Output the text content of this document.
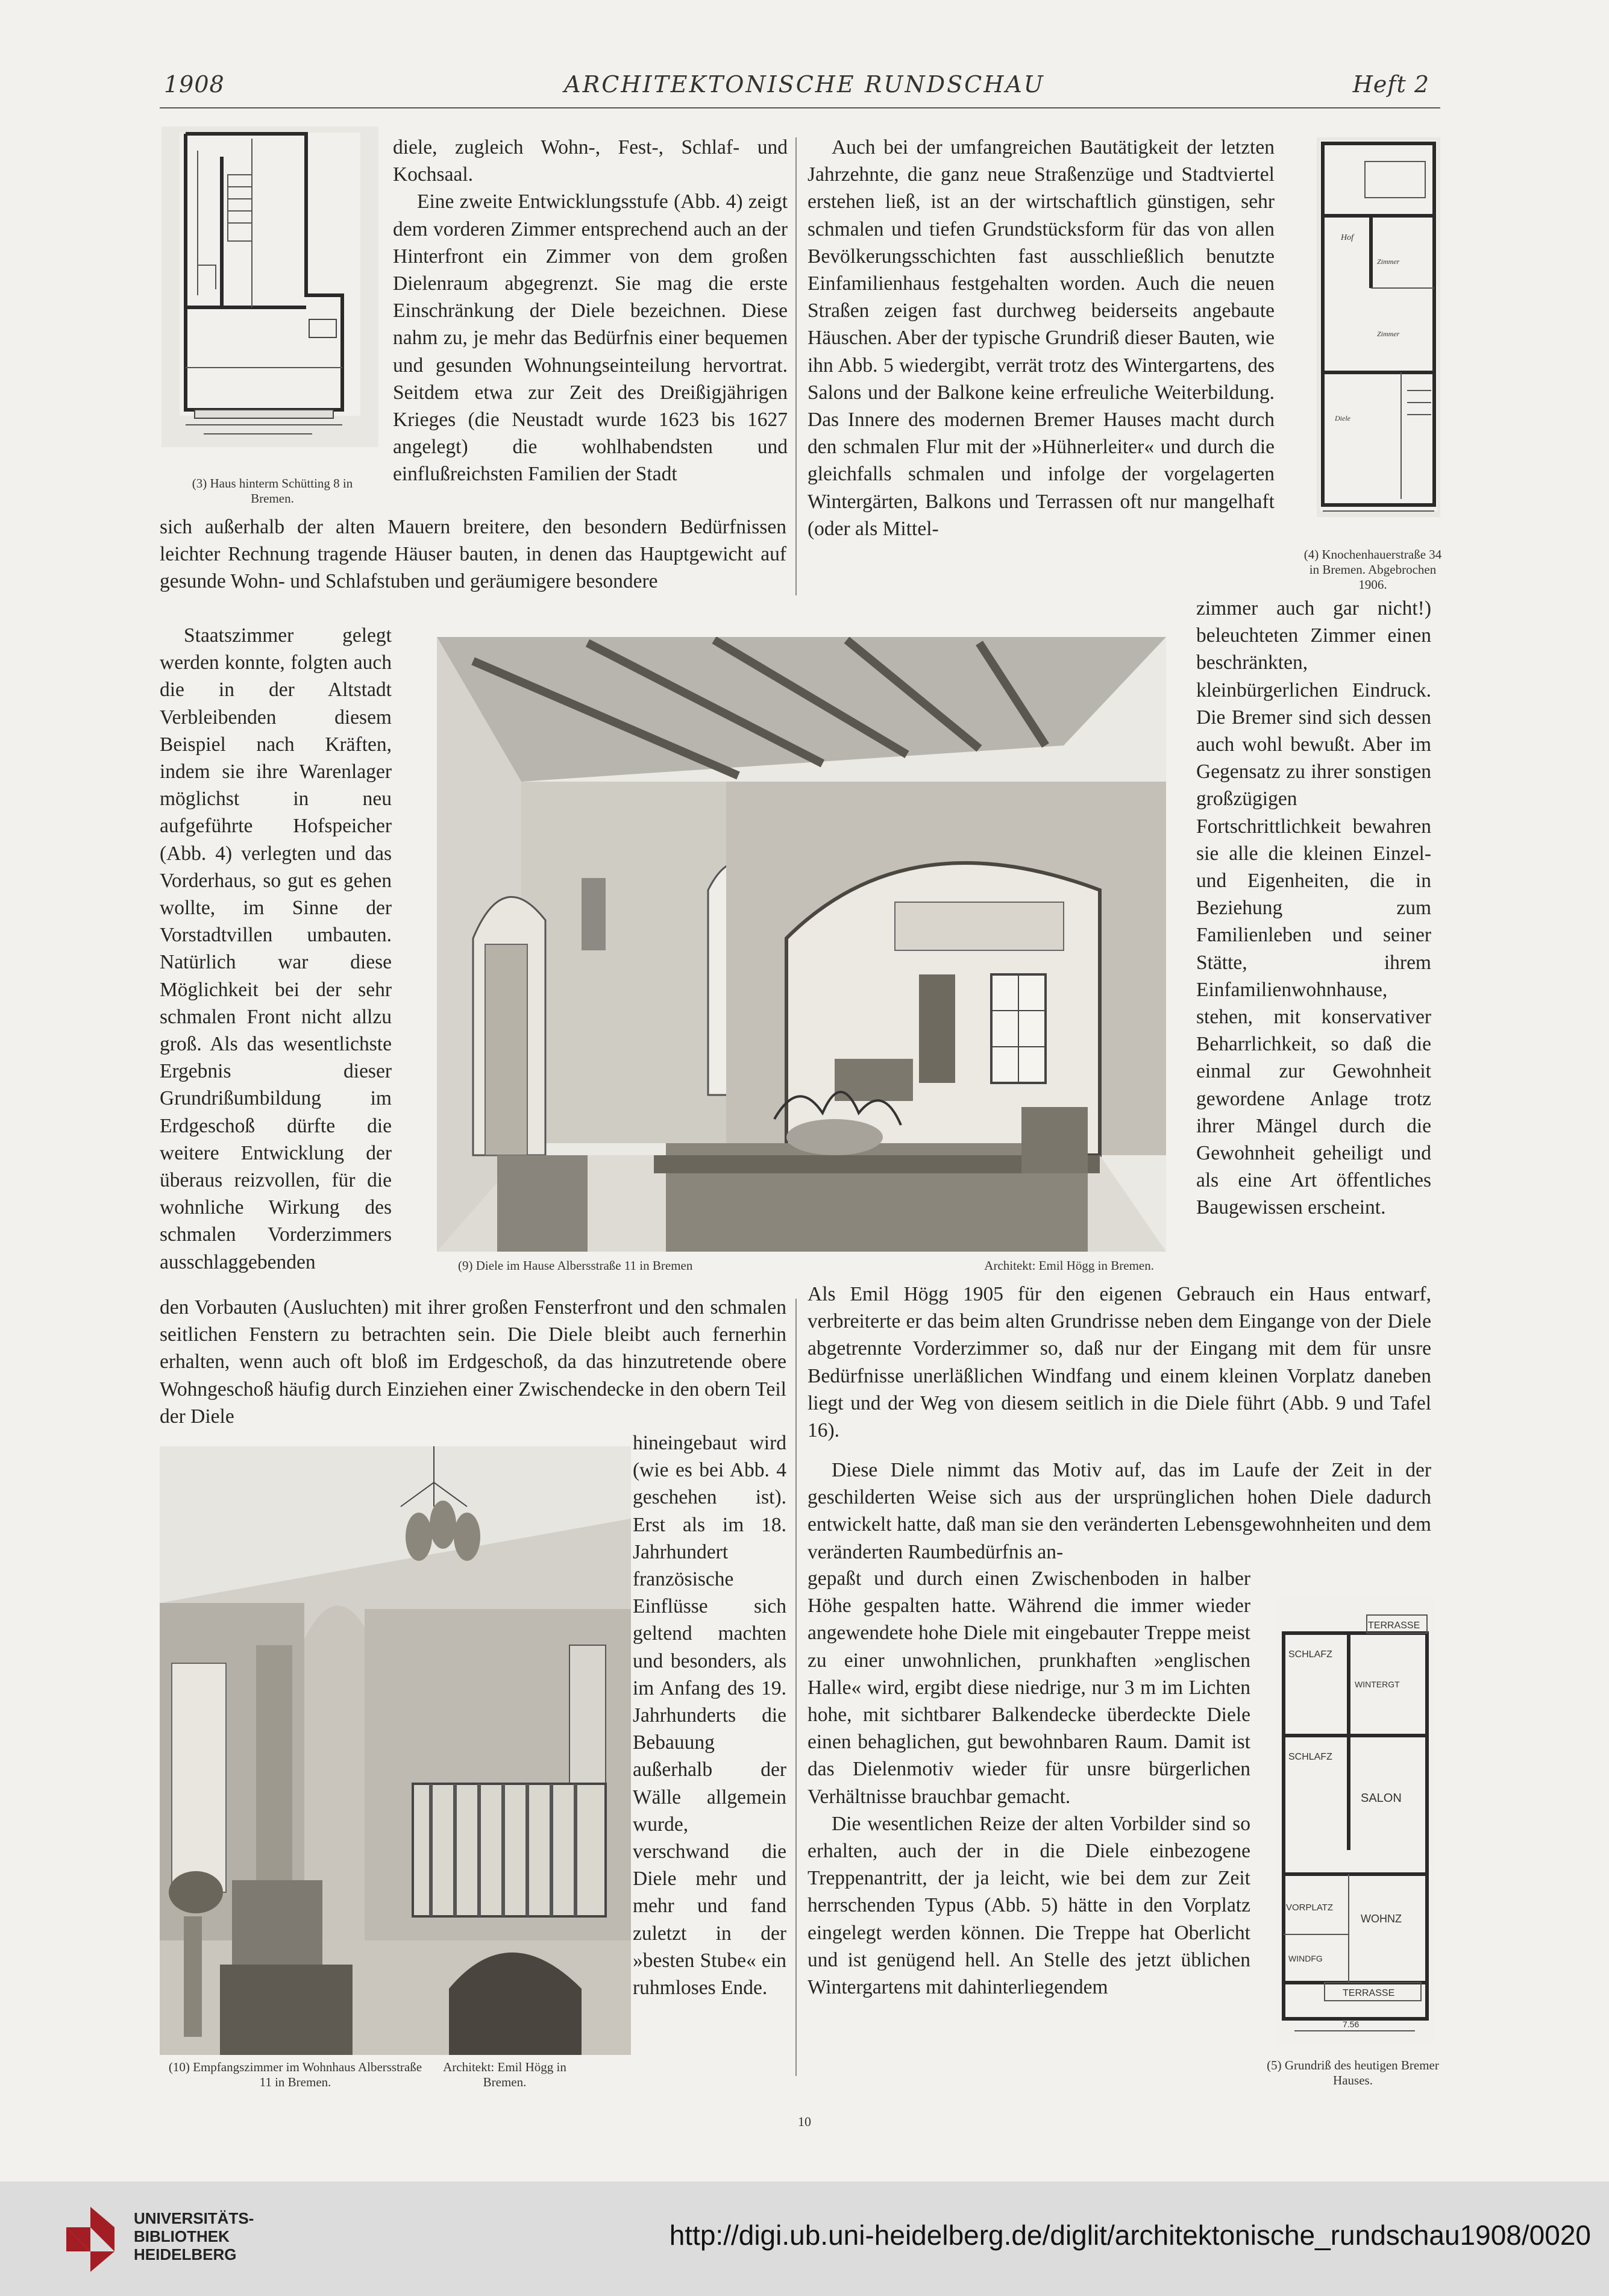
1908	ARCHITEKTONISCHE RUNDSCHAU	Heft 2

(3) Haus hinterm Schütting 8 in Bremen.

Hof
Zimmer
Zimmer
Diele

(4) Knochenhauerstraße 34 in Bremen. Abgebrochen 1906.

diele, zugleich Wohn-, Fest-, Schlaf- und Kochsaal.

Eine zweite Entwicklungsstufe (Abb. 4) zeigt dem vorderen Zimmer entsprechend auch an der Hinterfront ein Zimmer von dem großen Dielenraum abgegrenzt. Sie mag die erste Einschränkung der Diele bezeichnen. Diese nahm zu, je mehr das Bedürfnis einer bequemen und gesunden Wohnungseinteilung hervortrat. Seitdem etwa zur Zeit des Dreißigjährigen Krieges (die Neustadt wurde 1623 bis 1627 angelegt) die wohlhabendsten und einflußreichsten Familien der Stadt

sich außerhalb der alten Mauern breitere, den besondern Bedürfnissen leichter Rechnung tragende Häuser bauten, in denen das Hauptgewicht auf gesunde Wohn- und Schlafstuben und geräumigere besondere
Staatszimmer gelegt werden konnte, folgten auch die in der Altstadt Verbleibenden diesem Beispiel nach Kräften, indem sie ihre Warenlager möglichst in neu aufgeführte Hofspeicher (Abb. 4) verlegten und das Vorderhaus, so gut es gehen wollte, im Sinne der Vorstadtvillen umbauten. Natürlich war diese Möglichkeit bei der sehr schmalen Front nicht allzu groß. Als das wesentlichste Ergebnis dieser Grundrißumbildung im Erdgeschoß dürfte die weitere Entwicklung der überaus reizvollen, für die wohnliche Wirkung des schmalen Vorderzimmers ausschlaggebenden
Auch bei der umfangreichen Bautätigkeit der letzten Jahrzehnte, die ganz neue Straßenzüge und Stadtviertel erstehen ließ, ist an der wirtschaftlich günstigen, sehr schmalen und tiefen Grundstücksform für das von allen Bevölkerungsschichten fast ausschließlich benutzte Einfamilienhaus festgehalten worden. Auch die neuen Straßen zeigen fast durchweg beiderseits angebaute Häuschen. Aber der typische Grundriß dieser Bauten, wie ihn Abb. 5 wiedergibt, verrät trotz des Wintergartens, des Salons und der Balkone keine erfreuliche Weiterbildung. Das Innere des modernen Bremer Hauses macht durch den schmalen Flur mit der »Hühnerleiter« und durch die gleichfalls schmalen und infolge der vorgelagerten Wintergärten, Balkons und Terrassen oft nur mangelhaft (oder als Mittel-
zimmer auch gar nicht!) beleuchteten Zimmer einen beschränkten, kleinbürgerlichen Eindruck. Die Bremer sind sich dessen auch wohl bewußt. Aber im Gegensatz zu ihrer sonstigen großzügigen Fortschrittlichkeit bewahren sie alle die kleinen Einzel- und Eigenheiten, die in Beziehung zum Familienleben und seiner Stätte, ihrem Einfamilienwohnhause, stehen, mit konservativer Beharrlichkeit, so daß die einmal zur Gewohnheit gewordene Anlage trotz ihrer Mängel durch die Gewohnheit geheiligt und als eine Art öffentliches Baugewissen erscheint.

(9) Diele im Hause Albersstraße 11 in Bremen	Architekt: Emil Högg in Bremen.

Als Emil Högg 1905 für den eigenen Gebrauch ein Haus entwarf, verbreiterte er das beim alten Grundrisse neben dem Eingange von der Diele abgetrennte Vorderzimmer so, daß nur der Eingang mit dem für unsre Bedürfnisse unerläßlichen Windfang und einem kleinen Vorplatz daneben liegt und der Weg von diesem seitlich in die Diele führt (Abb. 9 und Tafel 16).
den Vorbauten (Ausluchten) mit ihrer großen Fensterfront und den schmalen seitlichen Fenstern zu betrachten sein. Die Diele bleibt auch fernerhin erhalten, wenn auch oft bloß im Erdgeschoß, da das hinzutretende obere Wohngeschoß häufig durch Einziehen einer Zwischendecke in den obern Teil der Diele

(10) Empfangszimmer im Wohnhaus Albersstraße 11 in Bremen.

Architekt: Emil Högg in Bremen.

hineingebaut wird (wie es bei Abb. 4 geschehen ist). Erst als im 18. Jahrhundert französische Einflüsse sich geltend machten und besonders, als im Anfang des 19. Jahrhunderts die Bebauung außerhalb der Wälle allgemein wurde, verschwand die Diele mehr und mehr und fand zuletzt in der »besten Stube« ein ruhmloses Ende.

Diese Diele nimmt das Motiv auf, das im Laufe der Zeit in der geschilderten Weise sich aus der ursprünglichen hohen Diele dadurch entwickelt hatte, daß man sie den veränderten Lebensgewohnheiten und dem veränderten Raumbedürfnis an-

gepaßt und durch einen Zwischenboden in halber Höhe gespalten hatte. Während die immer wieder angewendete hohe Diele mit eingebauter Treppe meist zu einer unwohnlichen, prunkhaften »englischen Halle« wird, ergibt diese niedrige, nur 3 m im Lichten hohe, mit sichtbarer Balkendecke überdeckte Diele einen behaglichen, gut bewohnbaren Raum. Damit ist das Dielenmotiv wieder für unsre bürgerlichen Verhältnisse brauchbar gemacht.

Die wesentlichen Reize der alten Vorbilder sind so erhalten, auch der in die Diele einbezogene Treppenantritt, der ja leicht, wie bei dem zur Zeit herrschenden Typus (Abb. 5) hätte in den Vorplatz eingelegt werden können. Die Treppe hat Oberlicht und ist genügend hell. An Stelle des jetzt üblichen Wintergartens mit dahinterliegendem

TERRASSE
SCHLAFZ
WINTERGT
SCHLAFZ
SALON
VORPLATZ
WOHNZ
WINDFG
TERRASSE
7.56

(5) Grundriß des heutigen Bremer Hauses.

10

UNIVERSITÄTS-
BIBLIOTHEK
HEIDELBERG

http://digi.ub.uni-heidelberg.de/diglit/architektonische_rundschau1908/0020
